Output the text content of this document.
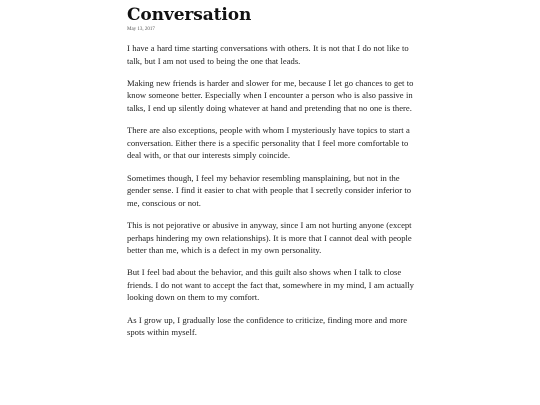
Conversation
May 13, 2017

I have a hard time starting conversations with others. It is not that I do not like to talk, but I am not used to being the one that leads.

Making new friends is harder and slower for me, because I let go chances to get to know someone better. Especially when I encounter a person who is also passive in talks, I end up silently doing whatever at hand and pretending that no one is there.

There are also exceptions, people with whom I mysteriously have topics to start a conversation. Either there is a specific personality that I feel more comfortable to deal with, or that our interests simply coincide.

Sometimes though, I feel my behavior resembling mansplaining, but not in the gender sense. I find it easier to chat with people that I secretly consider inferior to me, conscious or not.

This is not pejorative or abusive in anyway, since I am not hurting anyone (except perhaps hindering my own relationships). It is more that I cannot deal with people better than me, which is a defect in my own personality.

But I feel bad about the behavior, and this guilt also shows when I talk to close friends. I do not want to accept the fact that, somewhere in my mind, I am actually looking down on them to my comfort.

As I grow up, I gradually lose the confidence to criticize, finding more and more spots within myself.
